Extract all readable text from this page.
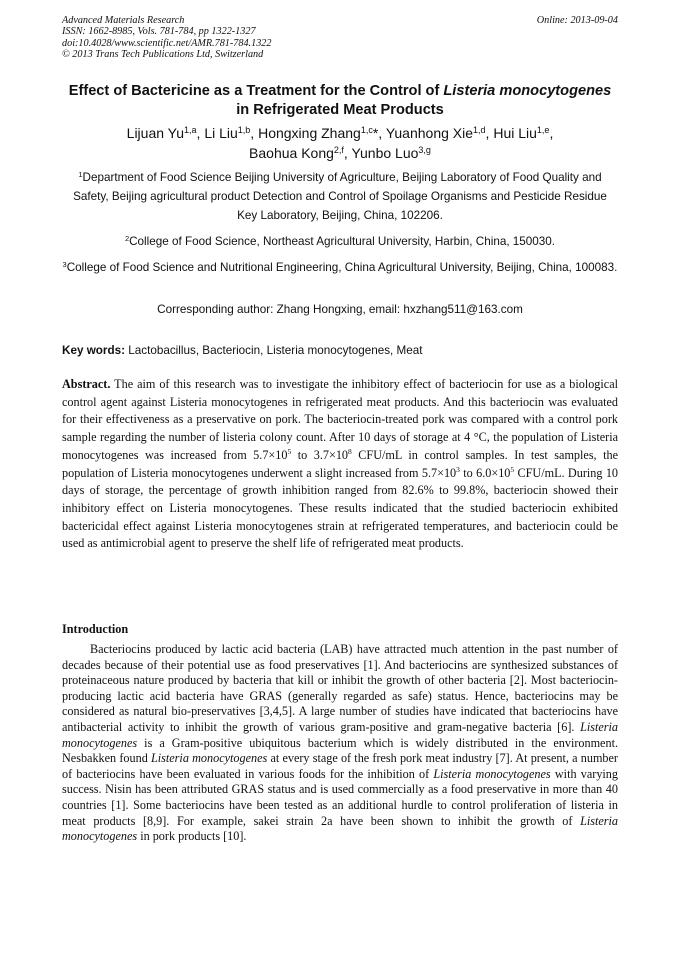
Advanced Materials Research
ISSN: 1662-8985, Vols. 781-784, pp 1322-1327
doi:10.4028/www.scientific.net/AMR.781-784.1322
© 2013 Trans Tech Publications Ltd, Switzerland
Online: 2013-09-04
Effect of Bactericine as a Treatment for the Control of Listeria monocytogenes in Refrigerated Meat Products
Lijuan Yu$^{1,a}$, Li Liu$^{1,b}$, Hongxing Zhang$^{1,c}$*, Yuanhong Xie$^{1,d}$, Hui Liu$^{1,e}$,
Baohua Kong$^{2,f}$, Yunbo Luo$^{3,g}$
$^1$Department of Food Science Beijing University of Agriculture, Beijing Laboratory of Food Quality and Safety, Beijing agricultural product Detection and Control of Spoilage Organisms and Pesticide Residue Key Laboratory, Beijing, China, 102206.
$^2$College of Food Science, Northeast Agricultural University, Harbin, China, 150030.
$^3$College of Food Science and Nutritional Engineering, China Agricultural University, Beijing, China, 100083.
Corresponding author: Zhang Hongxing, email: hxzhang511@163.com
Key words: Lactobacillus, Bacteriocin, Listeria monocytogenes, Meat
Abstract. The aim of this research was to investigate the inhibitory effect of bacteriocin for use as a biological control agent against Listeria monocytogenes in refrigerated meat products. And this bacteriocin was evaluated for their effectiveness as a preservative on pork. The bacteriocin-treated pork was compared with a control pork sample regarding the number of listeria colony count. After 10 days of storage at 4 °C, the population of Listeria monocytogenes was increased from $5.7\times 10^5$ to $3.7\times 10^8$ CFU/mL in control samples. In test samples, the population of Listeria monocytogenes underwent a slight increased from $5.7\times 10^3$ to $6.0\times 10^5$ CFU/mL. During 10 days of storage, the percentage of growth inhibition ranged from 82.6% to 99.8%, bacteriocin showed their inhibitory effect on Listeria monocytogenes. These results indicated that the studied bacteriocin exhibited bactericidal effect against Listeria monocytogenes strain at refrigerated temperatures, and bacteriocin could be used as antimicrobial agent to preserve the shelf life of refrigerated meat products.
Introduction
Bacteriocins produced by lactic acid bacteria (LAB) have attracted much attention in the past number of decades because of their potential use as food preservatives [1]. And bacteriocins are synthesized substances of proteinaceous nature produced by bacteria that kill or inhibit the growth of other bacteria [2]. Most bacteriocin-producing lactic acid bacteria have GRAS (generally regarded as safe) status. Hence, bacteriocins may be considered as natural bio-preservatives [3,4,5]. A large number of studies have indicated that bacteriocins have antibacterial activity to inhibit the growth of various gram-positive and gram-negative bacteria [6]. Listeria monocytogenes is a Gram-positive ubiquitous bacterium which is widely distributed in the environment. Nesbakken found Listeria monocytogenes at every stage of the fresh pork meat industry [7]. At present, a number of bacteriocins have been evaluated in various foods for the inhibition of Listeria monocytogenes with varying success. Nisin has been attributed GRAS status and is used commercially as a food preservative in more than 40 countries [1]. Some bacteriocins have been tested as an additional hurdle to control proliferation of listeria in meat products [8,9]. For example, sakei strain 2a have been shown to inhibit the growth of Listeria monocytogenes in pork products [10].
